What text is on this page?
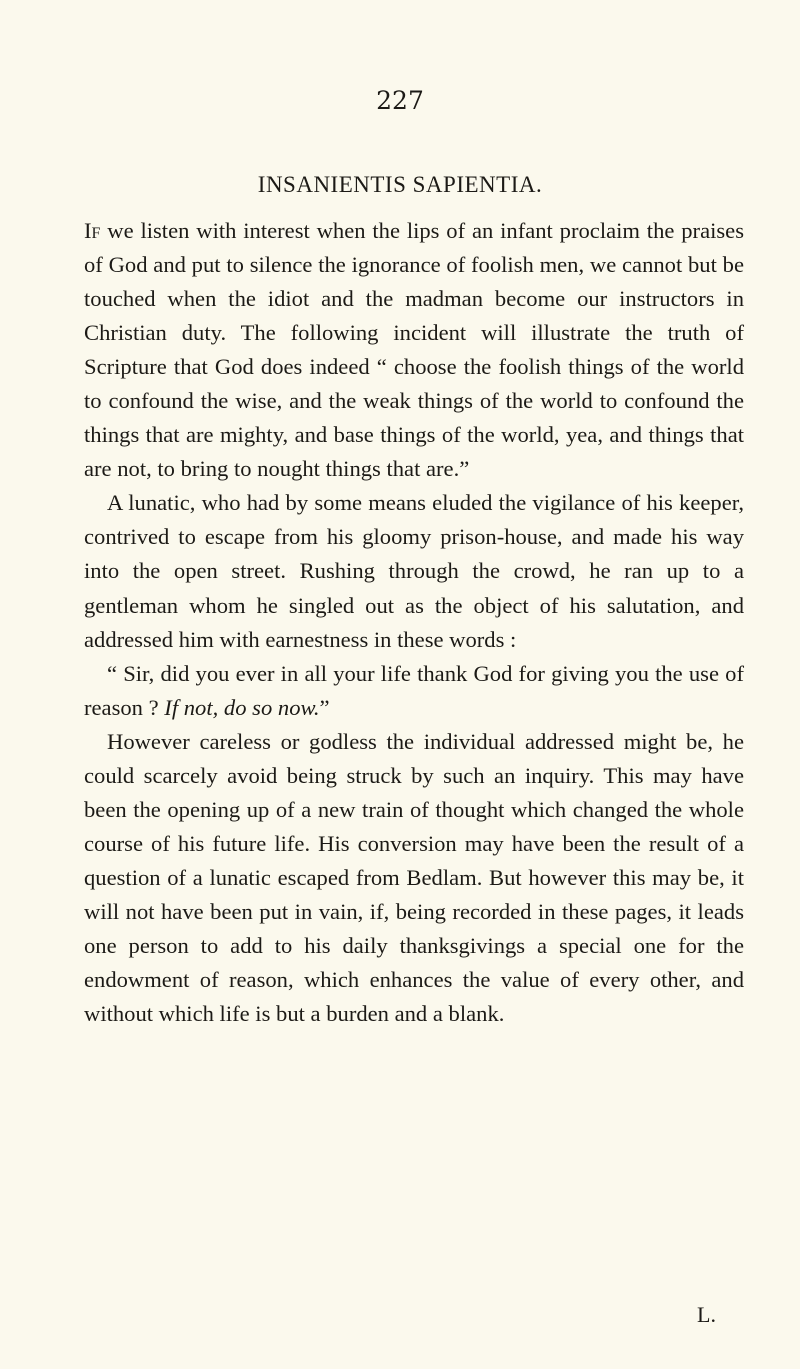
227
INSANIENTIS SAPIENTIA.

If we listen with interest when the lips of an infant proclaim the praises of God and put to silence the ignorance of foolish men, we cannot but be touched when the idiot and the madman become our instructors in Christian duty. The following incident will illustrate the truth of Scripture that God does indeed “ choose the foolish things of the world to confound the wise, and the weak things of the world to confound the things that are mighty, and base things of the world, yea, and things that are not, to bring to nought things that are.”

A lunatic, who had by some means eluded the vigilance of his keeper, contrived to escape from his gloomy prison-house, and made his way into the open street. Rushing through the crowd, he ran up to a gentleman whom he singled out as the object of his salutation, and addressed him with earnestness in these words :

“ Sir, did you ever in all your life thank God for giving you the use of reason ? If not, do so now.”

However careless or godless the individual addressed might be, he could scarcely avoid being struck by such an inquiry. This may have been the opening up of a new train of thought which changed the whole course of his future life. His conversion may have been the result of a question of a lunatic escaped from Bedlam. But however this may be, it will not have been put in vain, if, being recorded in these pages, it leads one person to add to his daily thanksgivings a special one for the endowment of reason, which enhances the value of every other, and without which life is but a burden and a blank.

L.
